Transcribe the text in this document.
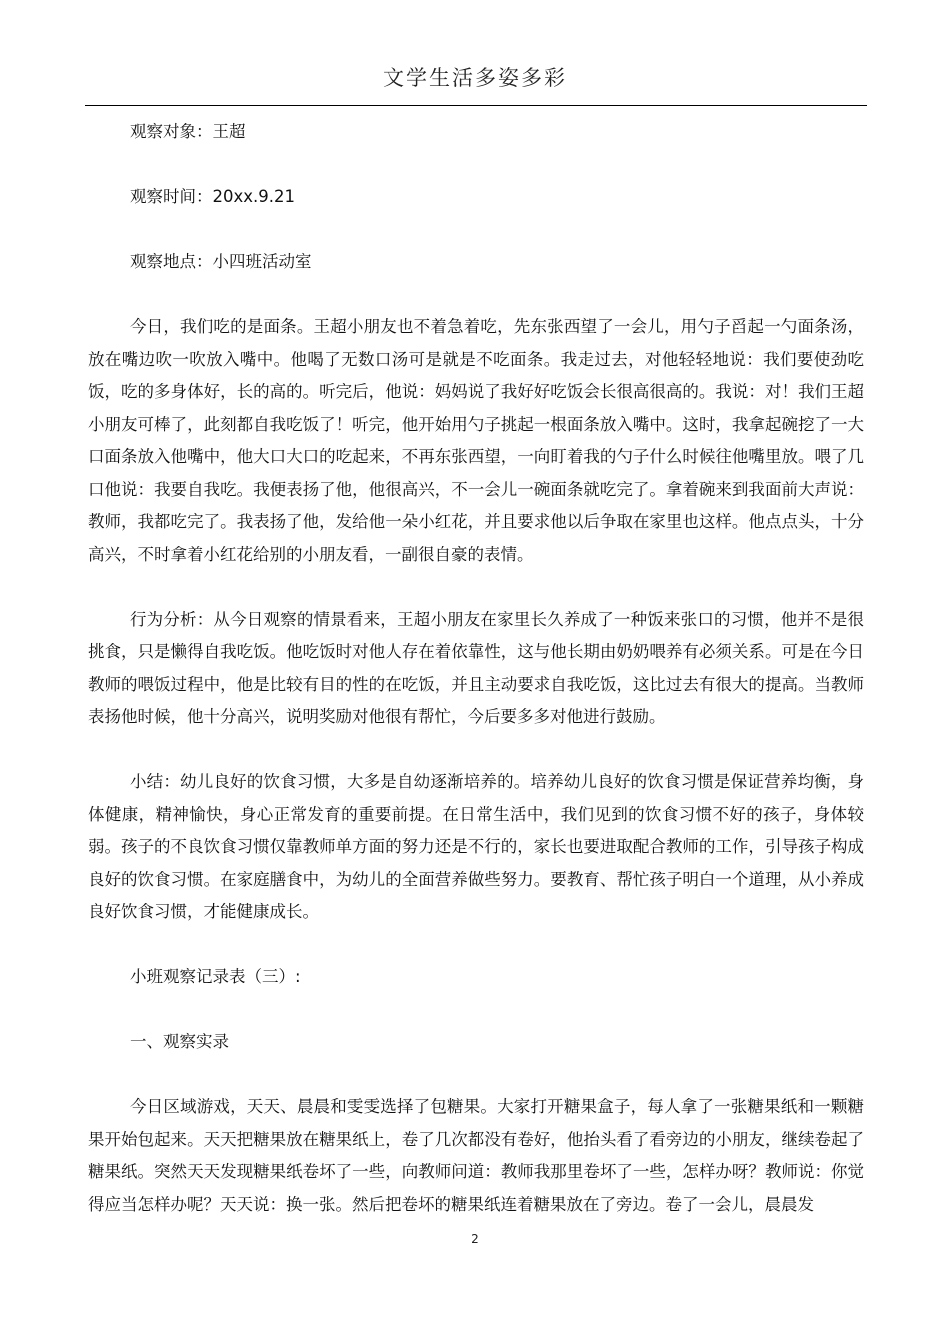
文学生活多姿多彩

观察对象：王超

观察时间：20xx.9.21

观察地点：小四班活动室

今日，我们吃的是面条。王超小朋友也不着急着吃，先东张西望了一会儿，用勺子舀起一勺面条汤，放在嘴边吹一吹放入嘴中。他喝了无数口汤可是就是不吃面条。我走过去，对他轻轻地说：我们要使劲吃饭，吃的多身体好，长的高的。听完后，他说：妈妈说了我好好吃饭会长很高很高的。我说：对！我们王超小朋友可棒了，此刻都自我吃饭了！听完，他开始用勺子挑起一根面条放入嘴中。这时，我拿起碗挖了一大口面条放入他嘴中，他大口大口的吃起来，不再东张西望，一向盯着我的勺子什么时候往他嘴里放。喂了几口他说：我要自我吃。我便表扬了他，他很高兴，不一会儿一碗面条就吃完了。拿着碗来到我面前大声说：教师，我都吃完了。我表扬了他，发给他一朵小红花，并且要求他以后争取在家里也这样。他点点头，十分高兴，不时拿着小红花给别的小朋友看，一副很自豪的表情。

行为分析：从今日观察的情景看来，王超小朋友在家里长久养成了一种饭来张口的习惯，他并不是很挑食，只是懒得自我吃饭。他吃饭时对他人存在着依靠性，这与他长期由奶奶喂养有必须关系。可是在今日教师的喂饭过程中，他是比较有目的性的在吃饭，并且主动要求自我吃饭，这比过去有很大的提高。当教师表扬他时候，他十分高兴，说明奖励对他很有帮忙，今后要多多对他进行鼓励。

小结：幼儿良好的饮食习惯，大多是自幼逐渐培养的。培养幼儿良好的饮食习惯是保证营养均衡，身体健康，精神愉快，身心正常发育的重要前提。在日常生活中，我们见到的饮食习惯不好的孩子，身体较弱。孩子的不良饮食习惯仅靠教师单方面的努力还是不行的，家长也要进取配合教师的工作，引导孩子构成良好的饮食习惯。在家庭膳食中，为幼儿的全面营养做些努力。要教育、帮忙孩子明白一个道理，从小养成良好饮食习惯，才能健康成长。

小班观察记录表（三）:

一、观察实录

今日区域游戏，天天、晨晨和雯雯选择了包糖果。大家打开糖果盒子，每人拿了一张糖果纸和一颗糖果开始包起来。天天把糖果放在糖果纸上，卷了几次都没有卷好，他抬头看了看旁边的小朋友，继续卷起了糖果纸。突然天天发现糖果纸卷坏了一些，向教师问道：教师我那里卷坏了一些，怎样办呀？教师说：你觉得应当怎样办呢？天天说：换一张。然后把卷坏的糖果纸连着糖果放在了旁边。卷了一会儿，晨晨发

2
